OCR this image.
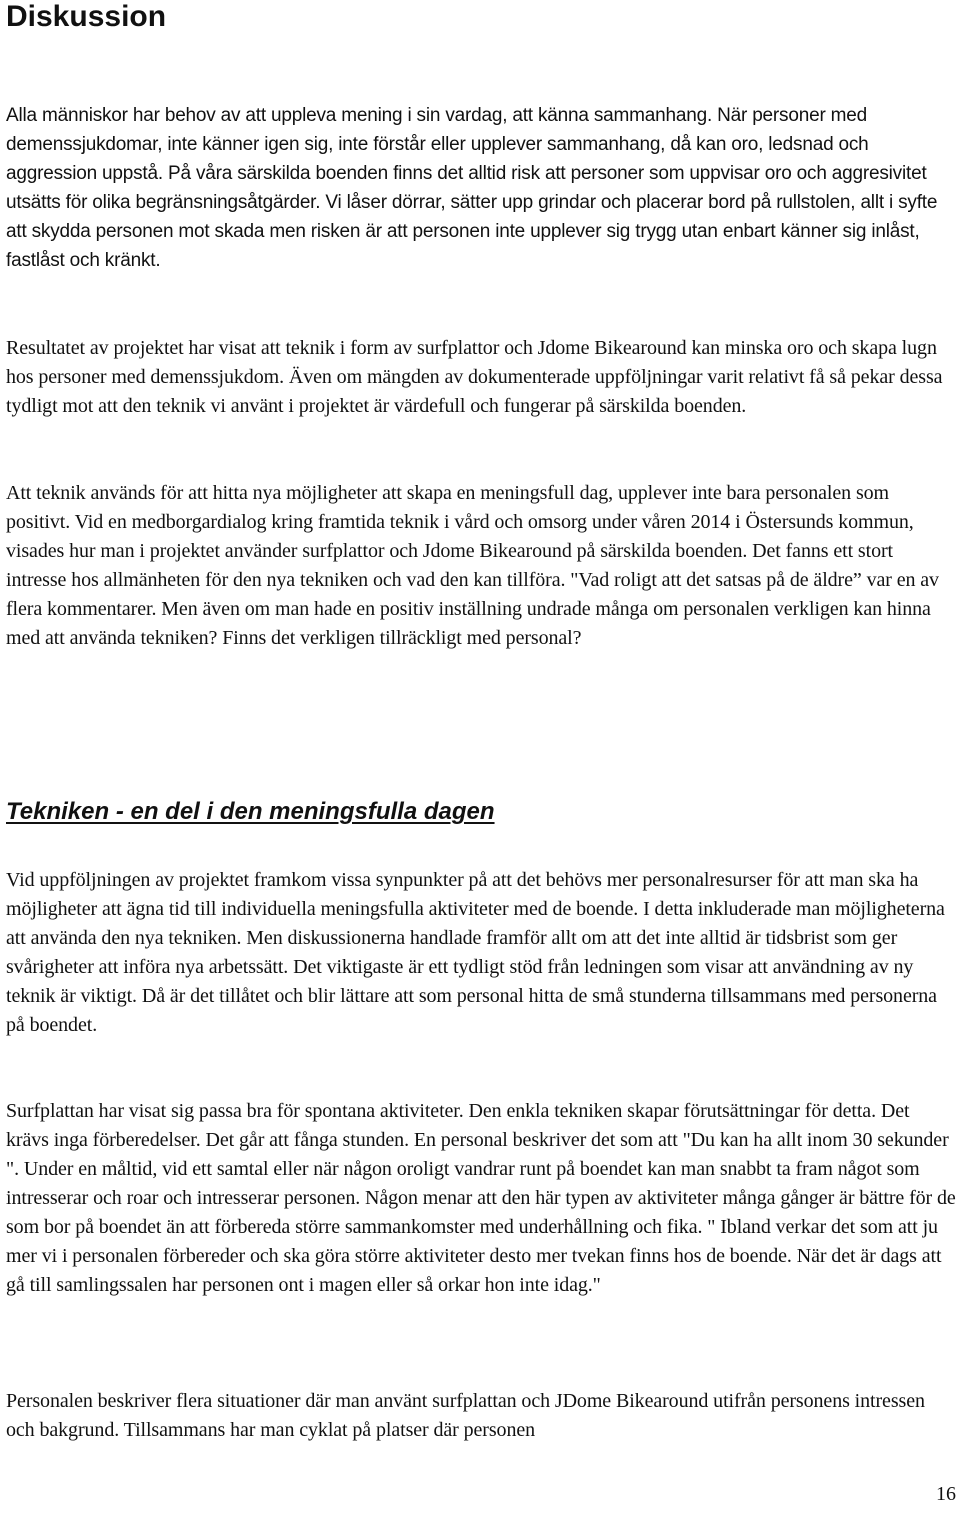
Diskussion

Alla människor har behov av att uppleva mening i sin vardag, att känna sammanhang. När personer med demenssjukdomar, inte känner igen sig, inte förstår eller upplever sammanhang, då kan oro, ledsnad och aggression uppstå. På våra särskilda boenden finns det alltid risk att personer som uppvisar oro och aggresivitet utsätts för olika begränsningsåtgärder. Vi låser dörrar, sätter upp grindar och placerar bord på rullstolen, allt i syfte att skydda personen mot skada men risken är att personen inte upplever sig trygg utan enbart känner sig inlåst, fastlåst och kränkt.

Resultatet av projektet har visat att teknik i form av surfplattor och Jdome Bikearound kan minska oro och skapa lugn hos personer med demenssjukdom. Även om mängden av dokumenterade uppföljningar varit relativt få så pekar dessa tydligt mot att den teknik vi använt i projektet är värdefull och fungerar på särskilda boenden.

Att teknik används för att hitta nya möjligheter att skapa en meningsfull dag, upplever inte bara personalen som positivt. Vid en medborgardialog kring framtida teknik i vård och omsorg under våren 2014 i Östersunds kommun, visades hur man i projektet använder surfplattor och Jdome Bikearound på särskilda boenden. Det fanns ett stort intresse hos allmänheten för den nya tekniken och vad den kan tillföra. "Vad roligt att det satsas på de äldre” var en av flera kommentarer. Men även om man hade en positiv inställning undrade många om personalen verkligen kan hinna med att använda tekniken? Finns det verkligen tillräckligt med personal?

Tekniken - en del i den meningsfulla dagen

Vid uppföljningen av projektet framkom vissa synpunkter på att det behövs mer personalresurser för att man ska ha möjligheter att ägna tid till individuella meningsfulla aktiviteter med de boende. I detta inkluderade man möjligheterna att använda den nya tekniken. Men diskussionerna handlade framför allt om att det inte alltid är tidsbrist som ger svårigheter att införa nya arbetssätt. Det viktigaste är ett tydligt stöd från ledningen som visar att användning av ny teknik är viktigt. Då är det tillåtet och blir lättare att som personal hitta de små stunderna tillsammans med personerna på boendet.

Surfplattan har visat sig passa bra för spontana aktiviteter. Den enkla tekniken skapar förutsättningar för detta. Det krävs inga förberedelser. Det går att fånga stunden. En personal beskriver det som att "Du kan ha allt inom 30 sekunder ". Under en måltid, vid ett samtal eller när någon oroligt vandrar runt på boendet kan man snabbt ta fram något som intresserar och roar och intresserar personen. Någon menar att den här typen av aktiviteter många gånger är bättre för de som bor på boendet än att förbereda större sammankomster med underhållning och fika. " Ibland verkar det som att ju mer vi i personalen förbereder och ska göra större aktiviteter desto mer tvekan finns hos de boende. När det är dags att gå till samlingssalen har personen ont i magen eller så orkar hon inte idag."

Personalen beskriver flera situationer där man använt surfplattan och JDome Bikearound utifrån personens intressen och bakgrund. Tillsammans har man cyklat på platser där personen

16
